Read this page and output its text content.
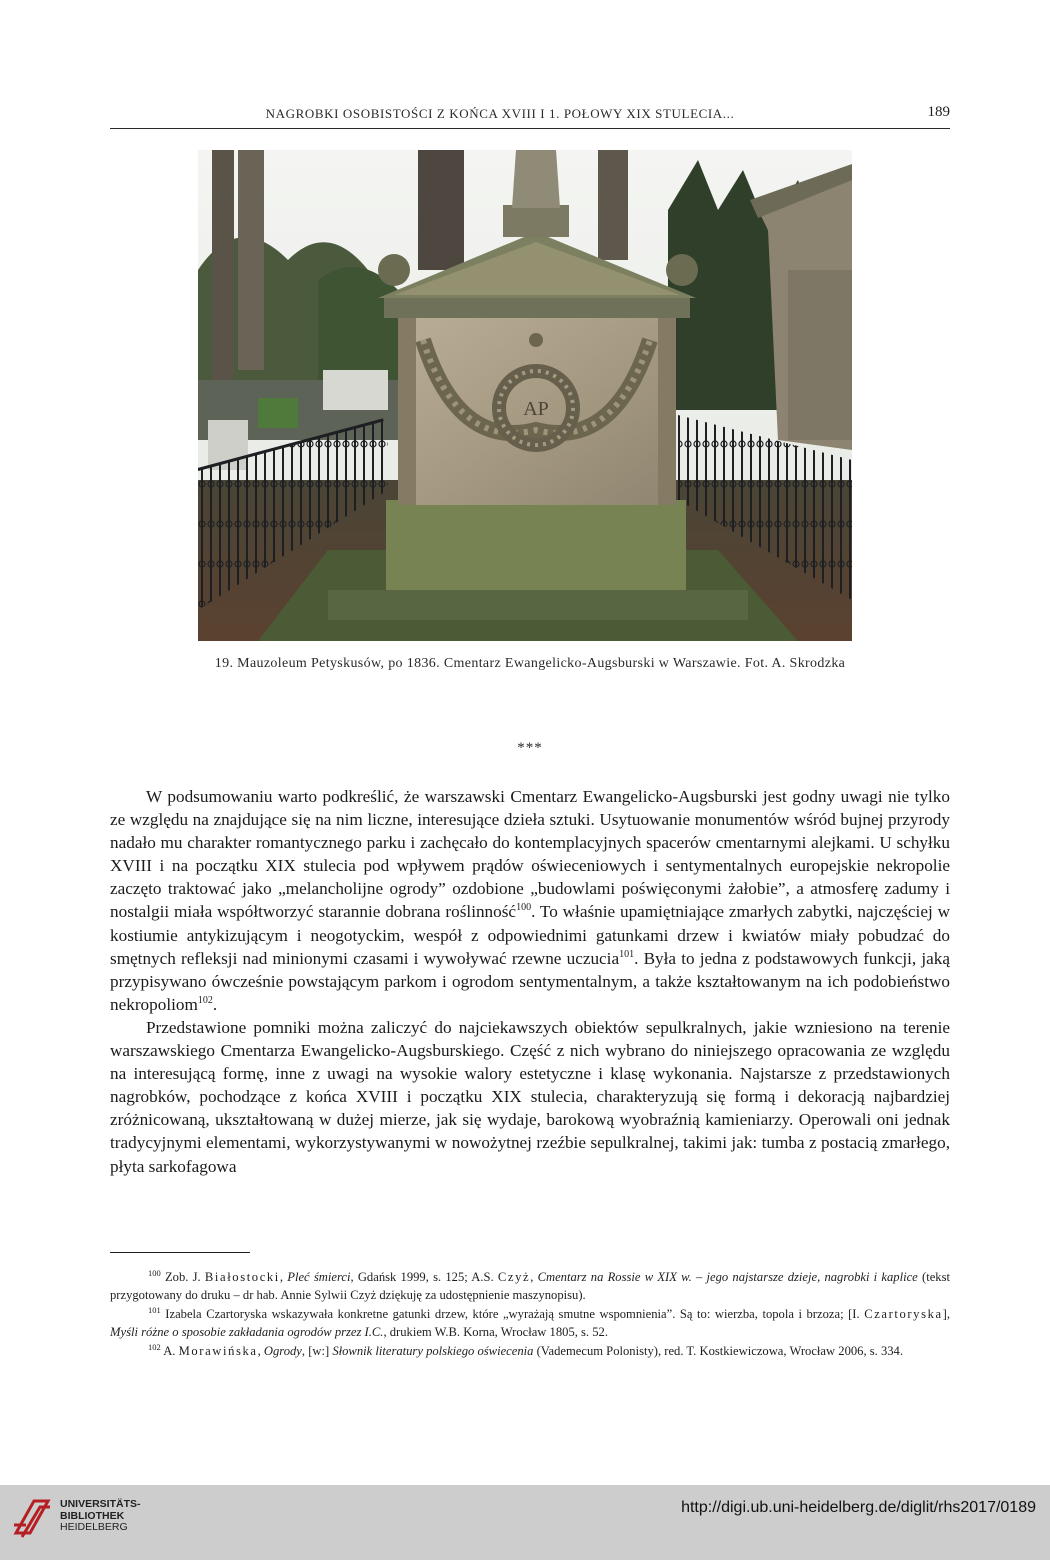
NAGROBKI OSOBISTOŚCI Z KOŃCA XVIII I 1. POŁOWY XIX STULECIA...	189
AP
19. Mauzoleum Petyskusów, po 1836. Cmentarz Ewangelicko-Augsburski w Warszawie. Fot. A. Skrodzka
***

W podsumowaniu warto podkreślić, że warszawski Cmentarz Ewangelicko-Augsburski jest godny uwagi nie tylko ze względu na znajdujące się na nim liczne, interesujące dzieła sztuki. Usytuowanie monumentów wśród bujnej przyrody nadało mu charakter romantycznego parku i zachęcało do kontemplacyjnych spacerów cmentarnymi alejkami. U schyłku XVIII i na początku XIX stulecia pod wpływem prądów oświeceniowych i sentymentalnych europejskie nekropolie zaczęto traktować jako „melancholijne ogrody” ozdobione „budowlami poświęconymi żałobie”, a atmosferę zadumy i nostalgii miała współtworzyć starannie dobrana roślinność$^{100}$. To właśnie upamiętniające zmarłych zabytki, najczęściej w kostiumie antykizującym i neogotyckim, wespół z odpowiednimi gatunkami drzew i kwiatów miały pobudzać do smętnych refleksji nad minionymi czasami i wywoływać rzewne uczucia$^{101}$. Była to jedna z podstawowych funkcji, jaką przypisywano ówcześnie powstającym parkom i ogrodom sentymentalnym, a także kształtowanym na ich podobieństwo nekropoliom$^{102}$.

Przedstawione pomniki można zaliczyć do najciekawszych obiektów sepulkralnych, jakie wzniesiono na terenie warszawskiego Cmentarza Ewangelicko-Augsburskiego. Część z nich wybrano do niniejszego opracowania ze względu na interesującą formę, inne z uwagi na wysokie walory estetyczne i klasę wykonania. Najstarsze z przedstawionych nagrobków, pochodzące z końca XVIII i początku XIX stulecia, charakteryzują się formą i dekoracją najbardziej zróżnicowaną, ukształtowaną w dużej mierze, jak się wydaje, barokową wyobraźnią kamieniarzy. Operowali oni jednak tradycyjnymi elementami, wykorzystywanymi w nowożytnej rzeźbie sepulkralnej, takimi jak: tumba z postacią zmarłego, płyta sarkofagowa

$^{100}$ Zob. J. Białostocki, Pleć śmierci, Gdańsk 1999, s. 125; A.S. Czyż, Cmentarz na Rossie w XIX w. – jego najstarsze dzieje, nagrobki i kaplice (tekst przygotowany do druku – dr hab. Annie Sylwii Czyż dziękuję za udostępnienie maszynopisu).

$^{101}$ Izabela Czartoryska wskazywała konkretne gatunki drzew, które „wyrażają smutne wspomnienia”. Są to: wierzba, topola i brzoza; [I. Czartoryska], Myśli różne o sposobie zakładania ogrodów przez I.C., drukiem W.B. Korna, Wrocław 1805, s. 52.

$^{102}$ A. Morawińska, Ogrody, [w:] Słownik literatury polskiego oświecenia (Vademecum Polonisty), red. T. Kostkiewiczowa, Wrocław 2006, s. 334.

UNIVERSITÄTS-
BIBLIOTHEK
HEIDELBERG
http://digi.ub.uni-heidelberg.de/diglit/rhs2017/0189
